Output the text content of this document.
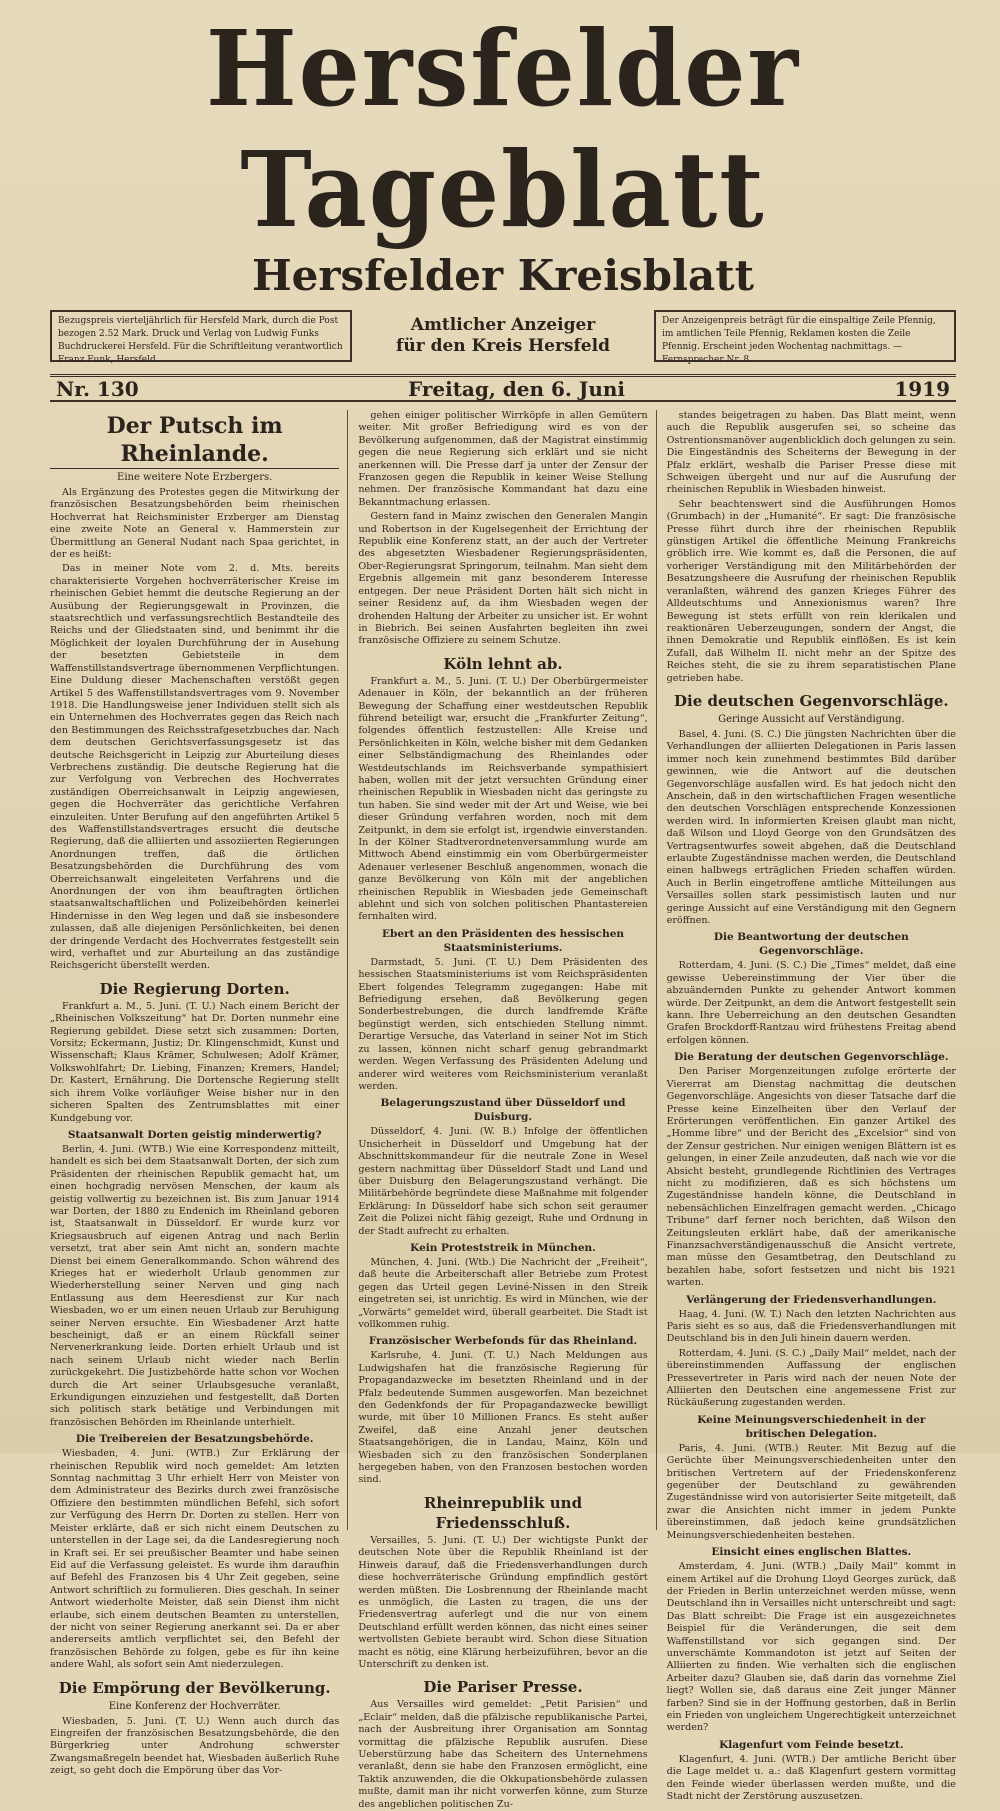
Hersfelder Tageblatt
Hersfelder Kreisblatt
Bezugspreis vierteljährlich für Hersfeld Mark, durch die Post bezogen 2.52 Mark. Druck und Verlag von Ludwig Funks Buchdruckerei Hersfeld. Für die Schriftleitung verantwortlich Franz Funk, Hersfeld.
Amtlicher Anzeiger
für den Kreis Hersfeld
Der Anzeigenpreis beträgt für die einspaltige Zeile Pfennig, im amtlichen Teile Pfennig, Reklamen kosten die Zeile Pfennig. Erscheint jeden Wochentag nachmittags. — Fernsprecher Nr. 8.
Nr. 130	Freitag, den 6. Juni	1919
Der Putsch im Rheinlande.
Eine weitere Note Erzbergers.

Als Ergänzung des Protestes gegen die Mitwirkung der französischen Besatzungsbehörden beim rheinischen Hochverrat hat Reichsminister Erzberger am Dienstag eine zweite Note an General v. Hammerstein zur Übermittlung an General Nudant nach Spaa gerichtet, in der es heißt:

Das in meiner Note vom 2. d. Mts. bereits charakterisierte Vorgehen hochverräterischer Kreise im rheinischen Gebiet hemmt die deutsche Regierung an der Ausübung der Regierungsgewalt in Provinzen, die staatsrechtlich und verfassungsrechtlich Bestandteile des Reichs und der Gliedstaaten sind, und benimmt ihr die Möglichkeit der loyalen Durchführung der in Ausehung der besetzten Gebietsteile in dem Waffenstillstandsvertrage übernommenen Verpflichtungen. Eine Duldung dieser Machenschaften verstößt gegen Artikel 5 des Waffenstillstandsvertrages vom 9. November 1918. Die Handlungsweise jener Individuen stellt sich als ein Unternehmen des Hochverrates gegen das Reich nach den Bestimmungen des Reichsstrafgesetzbuches dar. Nach dem deutschen Gerichtsverfassungsgesetz ist das deutsche Reichsgericht in Leipzig zur Aburteilung dieses Verbrechens zuständig. Die deutsche Regierung hat die zur Verfolgung von Verbrechen des Hochverrates zuständigen Oberreichsanwalt in Leipzig angewiesen, gegen die Hochverräter das gerichtliche Verfahren einzuleiten. Unter Berufung auf den angeführten Artikel 5 des Waffenstillstandsvertrages ersucht die deutsche Regierung, daß die alliierten und assoziierten Regierungen Anordnungen treffen, daß die örtlichen Besatzungsbehörden die Durchführung des vom Oberreichsanwalt eingeleiteten Verfahrens und die Anordnungen der von ihm beauftragten örtlichen staatsanwaltschaftlichen und Polizeibehörden keinerlei Hindernisse in den Weg legen und daß sie insbesondere zulassen, daß alle diejenigen Persönlichkeiten, bei denen der dringende Verdacht des Hochverrates festgestellt sein wird, verhaftet und zur Aburteilung an das zuständige Reichsgericht überstellt werden.

Die Regierung Dorten.

Frankfurt a. M., 5. Juni. (T. U.) Nach einem Bericht der „Rheinischen Volkszeitung“ hat Dr. Dorten nunmehr eine Regierung gebildet. Diese setzt sich zusammen: Dorten, Vorsitz; Eckermann, Justiz; Dr. Klingenschmidt, Kunst und Wissenschaft; Klaus Krämer, Schulwesen; Adolf Krämer, Volkswohlfahrt; Dr. Liebing, Finanzen; Kremers, Handel; Dr. Kastert, Ernährung. Die Dortensche Regierung stellt sich ihrem Volke vorläufiger Weise bisher nur in den sicheren Spalten des Zentrumsblattes mit einer Kundgebung vor.

Staatsanwalt Dorten geistig minderwertig?

Berlin, 4. Juni. (WTB.) Wie eine Korrespondenz mitteilt, handelt es sich bei dem Staatsanwalt Dorten, der sich zum Präsidenten der rheinischen Republik gemacht hat, um einen hochgradig nervösen Menschen, der kaum als geistig vollwertig zu bezeichnen ist. Bis zum Januar 1914 war Dorten, der 1880 zu Endenich im Rheinland geboren ist, Staatsanwalt in Düsseldorf. Er wurde kurz vor Kriegsausbruch auf eigenen Antrag und nach Berlin versetzt, trat aber sein Amt nicht an, sondern machte Dienst bei einem Generalkommando. Schon während des Krieges hat er wiederholt Urlaub genommen zur Wiederherstellung seiner Nerven und ging nach Entlassung aus dem Heeresdienst zur Kur nach Wiesbaden, wo er um einen neuen Urlaub zur Beruhigung seiner Nerven ersuchte. Ein Wiesbadener Arzt hatte bescheinigt, daß er an einem Rückfall seiner Nervenerkrankung leide. Dorten erhielt Urlaub und ist nach seinem Urlaub nicht wieder nach Berlin zurückgekehrt. Die Justizbehörde hatte schon vor Wochen durch die Art seiner Urlaubsgesuche veranlaßt, Erkundigungen einzuziehen und festgestellt, daß Dorten sich politisch stark betätige und Verbindungen mit französischen Behörden im Rheinlande unterhielt.

Die Treibereien der Besatzungsbehörde.

Wiesbaden, 4. Juni. (WTB.) Zur Erklärung der rheinischen Republik wird noch gemeldet: Am letzten Sonntag nachmittag 3 Uhr erhielt Herr von Meister von dem Administrateur des Bezirks durch zwei französische Offiziere den bestimmten mündlichen Befehl, sich sofort zur Verfügung des Herrn Dr. Dorten zu stellen. Herr von Meister erklärte, daß er sich nicht einem Deutschen zu unterstellen in der Lage sei, da die Landesregierung noch in Kraft sei. Er sei preußischer Beamter und habe seinen Eid auf die Verfassung geleistet. Es wurde ihm daraufhin auf Befehl des Franzosen bis 4 Uhr Zeit gegeben, seine Antwort schriftlich zu formulieren. Dies geschah. In seiner Antwort wiederholte Meister, daß sein Dienst ihm nicht erlaube, sich einem deutschen Beamten zu unterstellen, der nicht von seiner Regierung anerkannt sei. Da er aber andererseits amtlich verpflichtet sei, den Befehl der französischen Behörde zu folgen, gebe es für ihn keine andere Wahl, als sofort sein Amt niederzulegen.

Die Empörung der Bevölkerung.
Eine Konferenz der Hochverräter.

Wiesbaden, 5. Juni. (T. U.) Wenn auch durch das Eingreifen der französischen Besatzungsbehörde, die den Bürgerkrieg unter Androhung schwerster Zwangsmaßregeln beendet hat, Wiesbaden äußerlich Ruhe zeigt, so geht doch die Empörung über das Vor-

gehen einiger politischer Wirrköpfe in allen Gemütern weiter. Mit großer Befriedigung wird es von der Bevölkerung aufgenommen, daß der Magistrat einstimmig gegen die neue Regierung sich erklärt und sie nicht anerkennen will. Die Presse darf ja unter der Zensur der Franzosen gegen die Republik in keiner Weise Stellung nehmen. Der französische Kommandant hat dazu eine Bekanntmachung erlassen.

Gestern fand in Mainz zwischen den Generalen Mangin und Robertson in der Kugelsegenheit der Errichtung der Republik eine Konferenz statt, an der auch der Vertreter des abgesetzten Wiesbadener Regierungspräsidenten, Ober-Regierungsrat Springorum, teilnahm. Man sieht dem Ergebnis allgemein mit ganz besonderem Interesse entgegen. Der neue Präsident Dorten hält sich nicht in seiner Residenz auf, da ihm Wiesbaden wegen der drohenden Haltung der Arbeiter zu unsicher ist. Er wohnt in Biebrich. Bei seinen Ausfahrten begleiten ihn zwei französische Offiziere zu seinem Schutze.

Köln lehnt ab.

Frankfurt a. M., 5. Juni. (T. U.) Der Oberbürgermeister Adenauer in Köln, der bekanntlich an der früheren Bewegung der Schaffung einer westdeutschen Republik führend beteiligt war, ersucht die „Frankfurter Zeitung“, folgendes öffentlich festzustellen: Alle Kreise und Persönlichkeiten in Köln, welche bisher mit dem Gedanken einer Selbständigmachung des Rheinlandes oder Westdeutschlands im Reichsverbande sympathisiert haben, wollen mit der jetzt versuchten Gründung einer rheinischen Republik in Wiesbaden nicht das geringste zu tun haben. Sie sind weder mit der Art und Weise, wie bei dieser Gründung verfahren worden, noch mit dem Zeitpunkt, in dem sie erfolgt ist, irgendwie einverstanden. In der Kölner Stadtverordnetenversammlung wurde am Mittwoch Abend einstimmig ein vom Oberbürgermeister Adenauer verlesener Beschluß angenommen, wonach die ganze Bevölkerung von Köln mit der angeblichen rheinischen Republik in Wiesbaden jede Gemeinschaft ablehnt und sich von solchen politischen Phantastereien fernhalten wird.

Ebert an den Präsidenten des hessischen Staatsministeriums.

Darmstadt, 5. Juni. (T. U.) Dem Präsidenten des hessischen Staatsministeriums ist vom Reichspräsidenten Ebert folgendes Telegramm zugegangen: Habe mit Befriedigung ersehen, daß Bevölkerung gegen Sonderbestrebungen, die durch landfremde Kräfte begünstigt werden, sich entschieden Stellung nimmt. Derartige Versuche, das Vaterland in seiner Not im Stich zu lassen, können nicht scharf genug gebrandmarkt werden. Wegen Verfassung des Präsidenten Adelung und anderer wird weiteres vom Reichsministerium veranlaßt werden.

Belagerungszustand über Düsseldorf und Duisburg.

Düsseldorf, 4. Juni. (W. B.) Infolge der öffentlichen Unsicherheit in Düsseldorf und Umgebung hat der Abschnittskommandeur für die neutrale Zone in Wesel gestern nachmittag über Düsseldorf Stadt und Land und über Duisburg den Belagerungszustand verhängt. Die Militärbehörde begründete diese Maßnahme mit folgender Erklärung: In Düsseldorf habe sich schon seit geraumer Zeit die Polizei nicht fähig gezeigt, Ruhe und Ordnung in der Stadt aufrecht zu erhalten.

Kein Proteststreik in München.

München, 4. Juni. (Wtb.) Die Nachricht der „Freiheit“, daß heute die Arbeiterschaft aller Betriebe zum Protest gegen das Urteil gegen Leviné-Nissen in den Streik eingetreten sei, ist unrichtig. Es wird in München, wie der „Vorwärts“ gemeldet wird, überall gearbeitet. Die Stadt ist vollkommen ruhig.

Französischer Werbefonds für das Rheinland.

Karlsruhe, 4. Juni. (T. U.) Nach Meldungen aus Ludwigshafen hat die französische Regierung für Propagandazwecke im besetzten Rheinland und in der Pfalz bedeutende Summen ausgeworfen. Man bezeichnet den Gedenkfonds der für Propagandazwecke bewilligt wurde, mit über 10 Millionen Francs. Es steht außer Zweifel, daß eine Anzahl jener deutschen Staatsangehörigen, die in Landau, Mainz, Köln und Wiesbaden sich zu den französischen Sonderplanen hergegeben haben, von den Franzosen bestochen worden sind.

Rheinrepublik und Friedensschluß.

Versailles, 5. Juni. (T. U.) Der wichtigste Punkt der deutschen Note über die Republik Rheinland ist der Hinweis darauf, daß die Friedensverhandlungen durch diese hochverräterische Gründung empfindlich gestört werden müßten. Die Losbrennung der Rheinlande macht es unmöglich, die Lasten zu tragen, die uns der Friedensvertrag auferlegt und die nur von einem Deutschland erfüllt werden können, das nicht eines seiner wertvollsten Gebiete beraubt wird. Schon diese Situation macht es nötig, eine Klärung herbeizuführen, bevor an die Unterschrift zu denken ist.

Die Pariser Presse.

Aus Versailles wird gemeldet: „Petit Parisien“ und „Eclair“ melden, daß die pfälzische republikanische Partei, nach der Ausbreitung ihrer Organisation am Sonntag vormittag die pfälzische Republik ausrufen. Diese Ueberstürzung habe das Scheitern des Unternehmens veranlaßt, denn sie habe den Franzosen ermöglicht, eine Taktik anzuwenden, die die Okkupationsbehörde zulassen mußte, damit man ihr nicht vorwerfen könne, zum Sturze des angeblichen politischen Zu-

standes beigetragen zu haben. Das Blatt meint, wenn auch die Republik ausgerufen sei, so scheine das Ostrentionsmanöver augenblicklich doch gelungen zu sein. Die Eingeständnis des Scheiterns der Bewegung in der Pfalz erklärt, weshalb die Pariser Presse diese mit Schweigen übergeht und nur auf die Ausrufung der rheinischen Republik in Wiesbaden hinweist.

Sehr beachtenswert sind die Ausführungen Homos (Grumbach) in der „Humanité“. Er sagt: Die französische Presse führt durch ihre der rheinischen Republik günstigen Artikel die öffentliche Meinung Frankreichs gröblich irre. Wie kommt es, daß die Personen, die auf vorheriger Verständigung mit den Militärbehörden der Besatzungsheere die Ausrufung der rheinischen Republik veranlaßten, während des ganzen Krieges Führer des Alldeutschtums und Annexionismus waren? Ihre Bewegung ist stets erfüllt von rein klerikalen und reaktionären Ueberzeugungen, sondern der Angst, die ihnen Demokratie und Republik einflößen. Es ist kein Zufall, daß Wilhelm II. nicht mehr an der Spitze des Reiches steht, die sie zu ihrem separatistischen Plane getrieben habe.

Die deutschen Gegenvorschläge.
Geringe Aussicht auf Verständigung.

Basel, 4. Juni. (S. C.) Die jüngsten Nachrichten über die Verhandlungen der alliierten Delegationen in Paris lassen immer noch kein zunehmend bestimmtes Bild darüber gewinnen, wie die Antwort auf die deutschen Gegenvorschläge ausfallen wird. Es hat jedoch nicht den Anschein, daß in den wirtschaftlichen Fragen wesentliche den deutschen Vorschlägen entsprechende Konzessionen werden wird. In informierten Kreisen glaubt man nicht, daß Wilson und Lloyd George von den Grundsätzen des Vertragsentwurfes soweit abgehen, daß die Deutschland erlaubte Zugeständnisse machen werden, die Deutschland einen halbwegs erträglichen Frieden schaffen würden. Auch in Berlin eingetroffene amtliche Mitteilungen aus Versailles sollen stark pessimistisch lauten und nur geringe Aussicht auf eine Verständigung mit den Gegnern eröffnen.

Die Beantwortung der deutschen Gegenvorschläge.

Rotterdam, 4. Juni. (S. C.) Die „Times“ meldet, daß eine gewisse Uebereinstimmung der Vier über die abzuändernden Punkte zu gehender Antwort kommen würde. Der Zeitpunkt, an dem die Antwort festgestellt sein kann. Ihre Ueberreichung an den deutschen Gesandten Grafen Brockdorff-Rantzau wird frühestens Freitag abend erfolgen können.

Die Beratung der deutschen Gegenvorschläge.

Den Pariser Morgenzeitungen zufolge erörterte der Viererrat am Dienstag nachmittag die deutschen Gegenvorschläge. Angesichts von dieser Tatsache darf die Presse keine Einzelheiten über den Verlauf der Erörterungen veröffentlichen. Ein ganzer Artikel des „Homme libre“ und der Bericht des „Excelsior“ sind von der Zensur gestrichen. Nur einigen wenigen Blättern ist es gelungen, in einer Zeile anzudeuten, daß nach wie vor die Absicht besteht, grundlegende Richtlinien des Vertrages nicht zu modifizieren, daß es sich höchstens um Zugeständnisse handeln könne, die Deutschland in nebensächlichen Einzelfragen gemacht werden. „Chicago Tribune“ darf ferner noch berichten, daß Wilson den Zeitungsleuten erklärt habe, daß der amerikanische Finanzsachverständigenausschuß die Ansicht vertrete, man müsse den Gesamtbetrag, den Deutschland zu bezahlen habe, sofort festsetzen und nicht bis 1921 warten.

Verlängerung der Friedensverhandlungen.

Haag, 4. Juni. (W. T.) Nach den letzten Nachrichten aus Paris sieht es so aus, daß die Friedensverhandlungen mit Deutschland bis in den Juli hinein dauern werden.

Rotterdam, 4. Juni. (S. C.) „Daily Mail“ meldet, nach der übereinstimmenden Auffassung der englischen Pressevertreter in Paris wird nach der neuen Note der Alliierten den Deutschen eine angemessene Frist zur Rückäußerung zugestanden werden.

Keine Meinungsverschiedenheit in der britischen Delegation.

Paris, 4. Juni. (WTB.) Reuter. Mit Bezug auf die Gerüchte über Meinungsverschiedenheiten unter den britischen Vertretern auf der Friedenskonferenz gegenüber der Deutschland zu gewährenden Zugeständnisse wird von autorisierter Seite mitgeteilt, daß zwar die Ansichten nicht immer in jedem Punkte übereinstimmen, daß jedoch keine grundsätzlichen Meinungsverschiedenheiten bestehen.

Einsicht eines englischen Blattes.

Amsterdam, 4. Juni. (WTB.) „Daily Mail“ kommt in einem Artikel auf die Drohung Lloyd Georges zurück, daß der Frieden in Berlin unterzeichnet werden müsse, wenn Deutschland ihn in Versailles nicht unterschreibt und sagt: Das Blatt schreibt: Die Frage ist ein ausgezeichnetes Beispiel für die Veränderungen, die seit dem Waffenstillstand vor sich gegangen sind. Der unverschämte Kommandoton ist jetzt auf Seiten der Alliierten zu finden. Wie verhalten sich die englischen Arbeiter dazu? Glauben sie, daß darin das vornehme Ziel liegt? Wollen sie, daß daraus eine Zeit junger Männer farben? Sind sie in der Hoffnung gestorben, daß in Berlin ein Frieden von ungleichem Ungerechtigkeit unterzeichnet werden?

Klagenfurt vom Feinde besetzt.

Klagenfurt, 4. Juni. (WTB.) Der amtliche Bericht über die Lage meldet u. a.: daß Klagenfurt gestern vormittag den Feinde wieder überlassen werden mußte, und die Stadt nicht der Zerstörung auszusetzen.
